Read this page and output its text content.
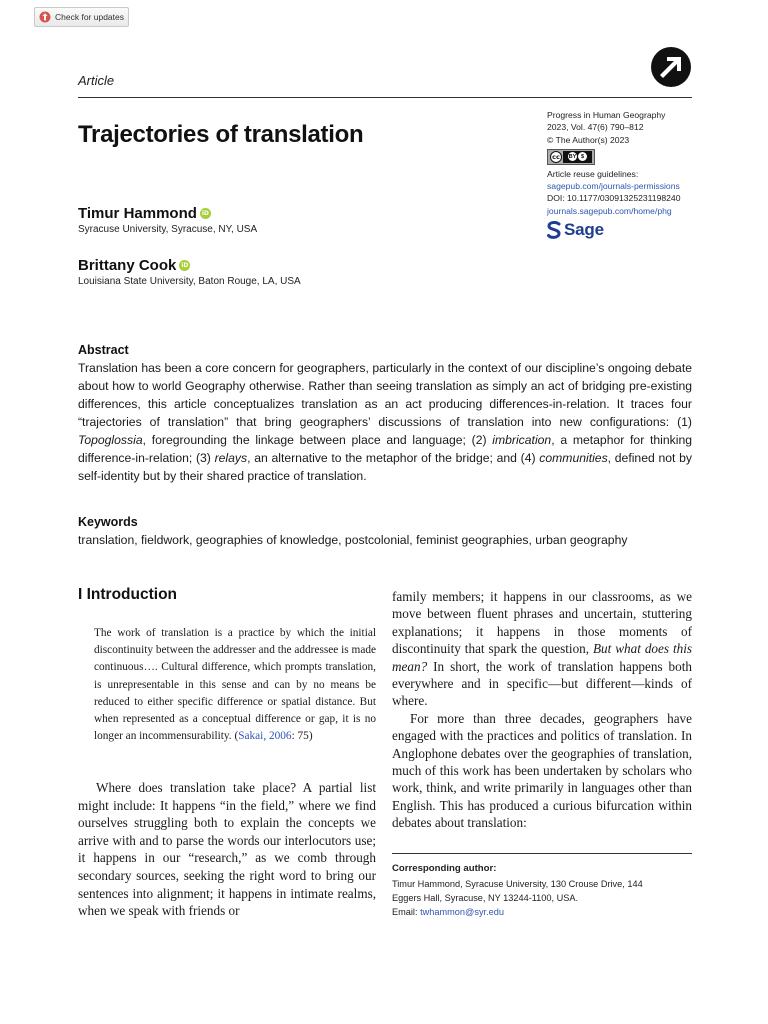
Check for updates
Article
Trajectories of translation
Progress in Human Geography
2023, Vol. 47(6) 790–812
© The Author(s) 2023
cc	BY $
Article reuse guidelines:
sagepub.com/journals-permissions
DOI: 10.1177/03091325231198240
journals.sagepub.com/home/phg
Sage
Timur Hammond iD
Syracuse University, Syracuse, NY, USA
Brittany Cook iD
Louisiana State University, Baton Rouge, LA, USA
Abstract
Translation has been a core concern for geographers, particularly in the context of our discipline’s ongoing debate about how to world Geography otherwise. Rather than seeing translation as simply an act of bridging pre-existing differences, this article conceptualizes translation as an act producing differences-in-relation. It traces four “trajectories of translation” that bring geographers’ discussions of translation into new configurations: (1) Topoglossia, foregrounding the linkage between place and language; (2) imbrication, a metaphor for thinking difference-in-relation; (3) relays, an alternative to the metaphor of the bridge; and (4) communities, defined not by self-identity but by their shared practice of translation.
Keywords
translation, fieldwork, geographies of knowledge, postcolonial, feminist geographies, urban geography
I Introduction
The work of translation is a practice by which the initial discontinuity between the addresser and the addressee is made continuous…. Cultural difference, which prompts translation, is unrepresentable in this sense and can by no means be reduced to either specific difference or spatial distance. But when represented as a conceptual difference or gap, it is no longer an incommensurability. (Sakai, 2006: 75)
Where does translation take place? A partial list might include: It happens “in the field,” where we find ourselves struggling both to explain the concepts we arrive with and to parse the words our interlocutors use; it happens in our “research,” as we comb through secondary sources, seeking the right word to bring our sentences into alignment; it happens in intimate realms, when we speak with friends or

family members; it happens in our classrooms, as we move between fluent phrases and uncertain, stuttering explanations; it happens in those moments of discontinuity that spark the question, But what does this mean? In short, the work of translation happens both everywhere and in specific—but different—kinds of where.

For more than three decades, geographers have engaged with the practices and politics of translation. In Anglophone debates over the geographies of translation, much of this work has been undertaken by scholars who work, think, and write primarily in languages other than English. This has produced a curious bifurcation within debates about translation:

Corresponding author:
Timur Hammond, Syracuse University, 130 Crouse Drive, 144
Eggers Hall, Syracuse, NY 13244-1100, USA.
Email: twhammon@syr.edu
